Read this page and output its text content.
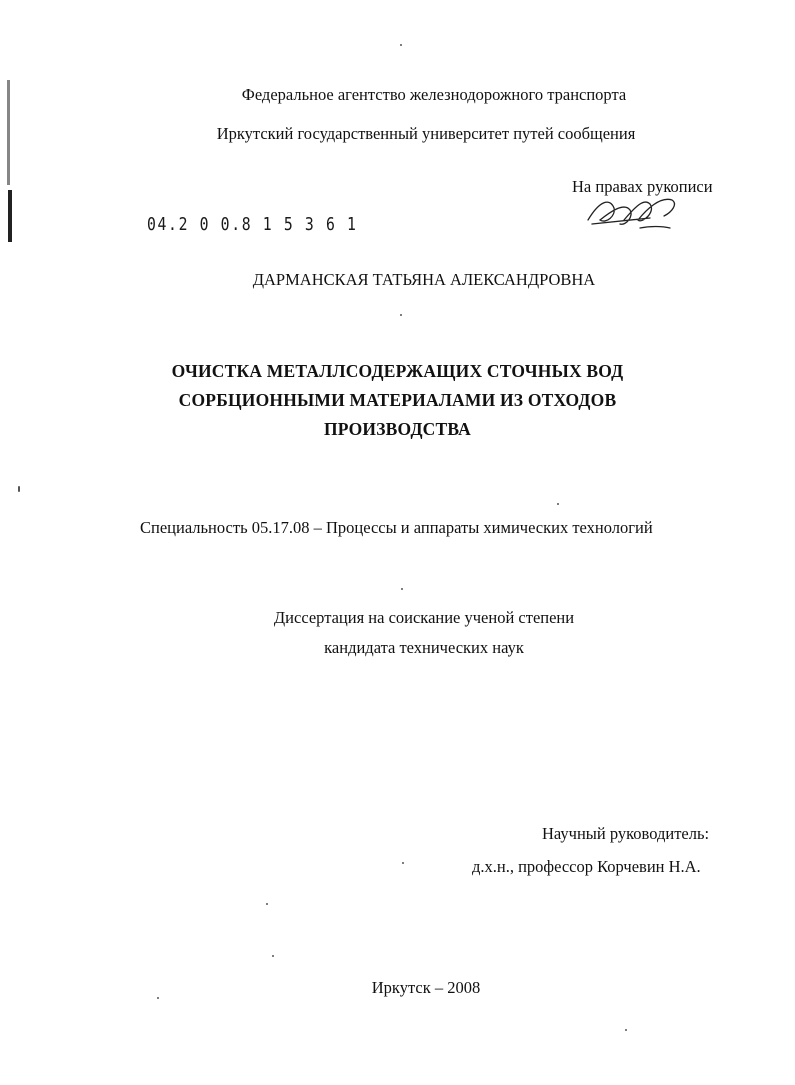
Федеральное агентство железнодорожного транспорта
Иркутский государственный университет путей сообщения
На правах рукописи
04.2 0 0.8 1 5 3 6 1
ДАРМАНСКАЯ ТАТЬЯНА АЛЕКСАНДРОВНА
ОЧИСТКА МЕТАЛЛСОДЕРЖАЩИХ СТОЧНЫХ ВОД
СОРБЦИОННЫМИ МАТЕРИАЛАМИ ИЗ ОТХОДОВ
ПРОИЗВОДСТВА
Специальность 05.17.08 – Процессы и аппараты химических технологий
Диссертация на соискание ученой степени
кандидата технических наук
Научный руководитель:
д.х.н., профессор Корчевин Н.А.
Иркутск – 2008
